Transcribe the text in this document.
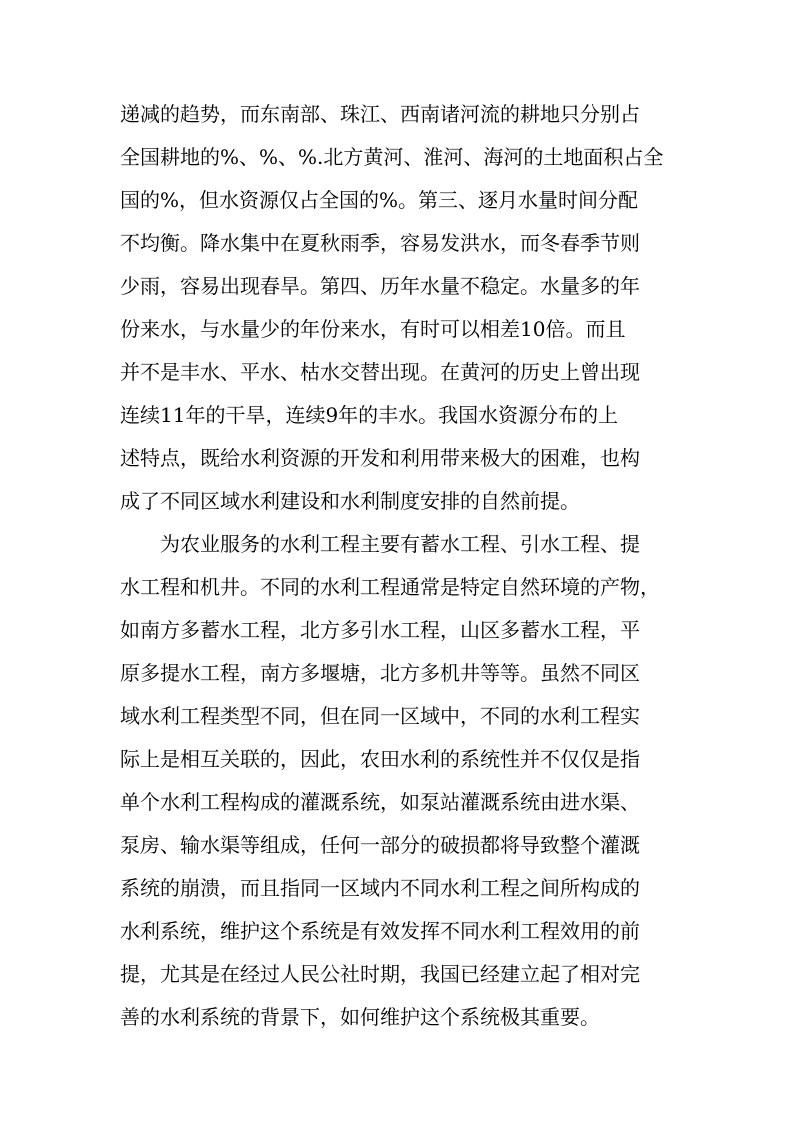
递减的趋势，而东南部、珠江、西南诸河流的耕地只分别占
全国耕地的%、%、%.北方黄河、淮河、海河的土地面积占全
国的%，但水资源仅占全国的%。第三、逐月水量时间分配
不均衡。降水集中在夏秋雨季，容易发洪水，而冬春季节则
少雨，容易出现春旱。第四、历年水量不稳定。水量多的年
份来水，与水量少的年份来水，有时可以相差10倍。而且
并不是丰水、平水、枯水交替出现。在黄河的历史上曾出现
连续11年的干旱，连续9年的丰水。我国水资源分布的上
述特点，既给水利资源的开发和利用带来极大的困难，也构
成了不同区域水利建设和水利制度安排的自然前提。
为农业服务的水利工程主要有蓄水工程、引水工程、提
水工程和机井。不同的水利工程通常是特定自然环境的产物，
如南方多蓄水工程，北方多引水工程，山区多蓄水工程，平
原多提水工程，南方多堰塘，北方多机井等等。虽然不同区
域水利工程类型不同，但在同一区域中，不同的水利工程实
际上是相互关联的，因此，农田水利的系统性并不仅仅是指
单个水利工程构成的灌溉系统，如泵站灌溉系统由进水渠、
泵房、输水渠等组成，任何一部分的破损都将导致整个灌溉
系统的崩溃，而且指同一区域内不同水利工程之间所构成的
水利系统，维护这个系统是有效发挥不同水利工程效用的前
提，尤其是在经过人民公社时期，我国已经建立起了相对完
善的水利系统的背景下，如何维护这个系统极其重要。
